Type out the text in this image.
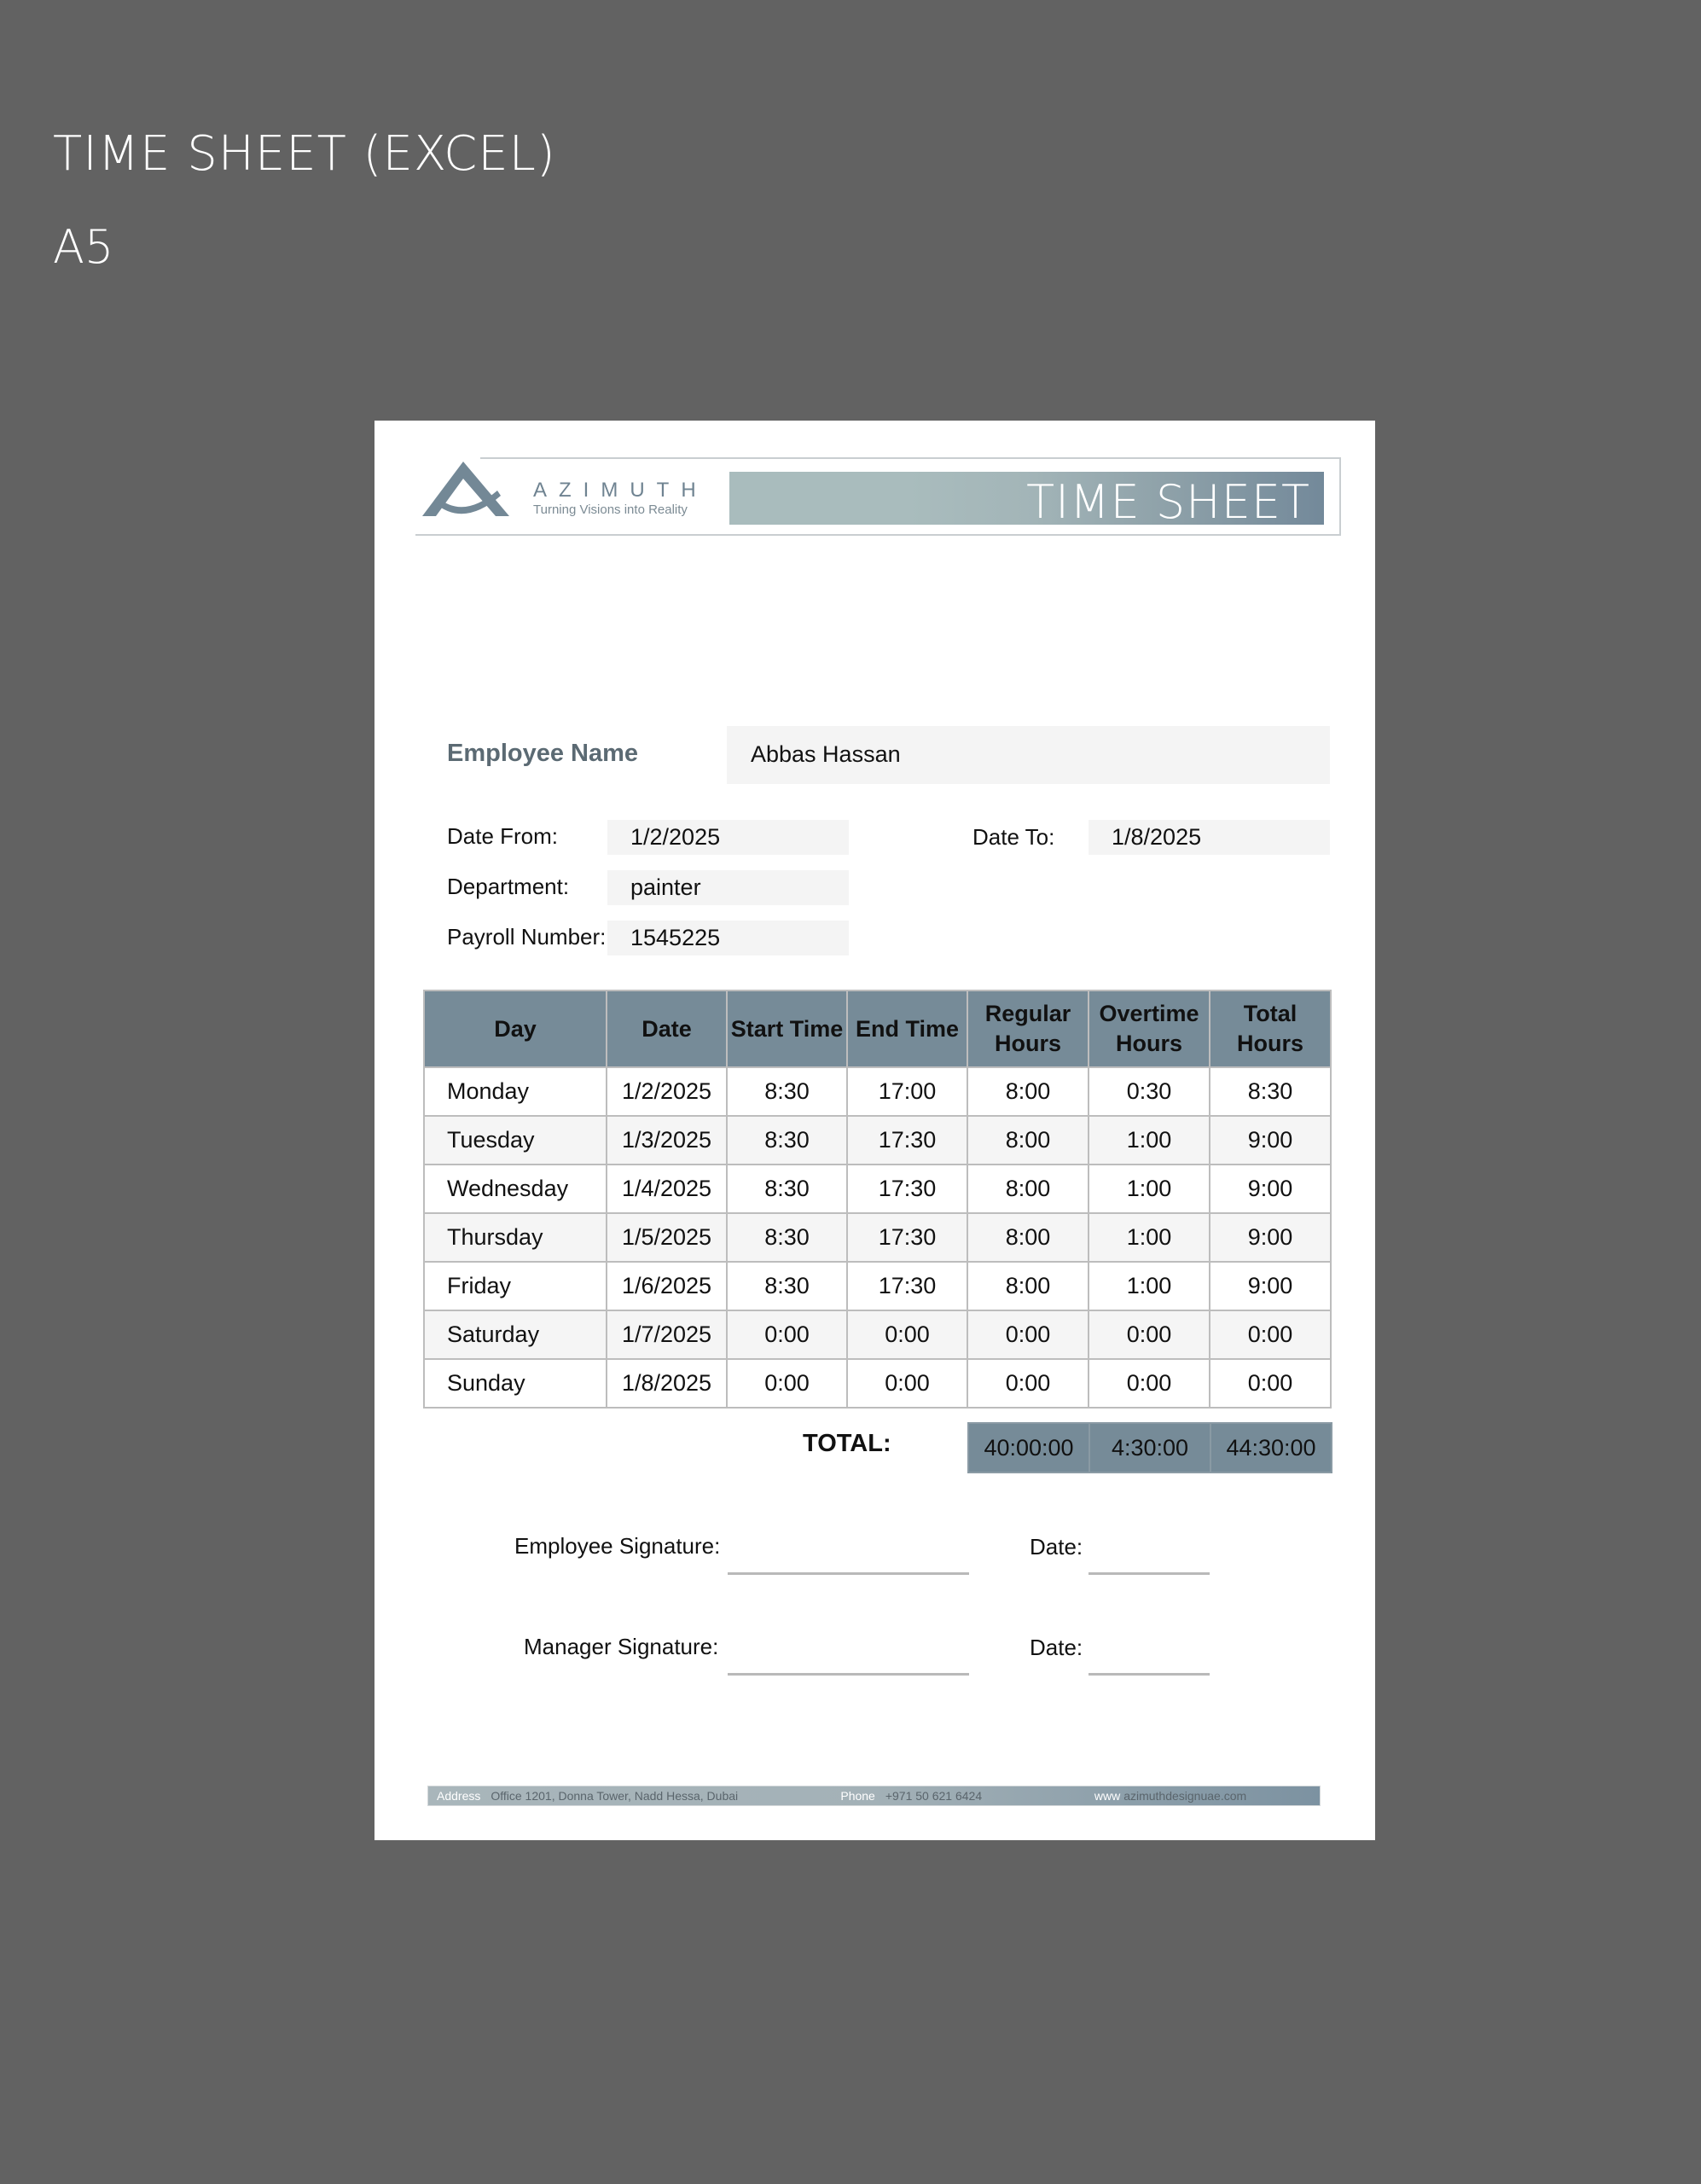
TIME SHEET (EXCEL)
A5
AZIMUTH
Turning Visions into Reality	TIME SHEET
Employee Name	Abbas Hassan
Date From:	1/2/2025	Date To: 1/8/2025
Department:	painter
Payroll Number: 1545225
Day	Date	Start Time	End Time	Regular Hours	Overtime Hours	Total Hours
Monday	1/2/2025	8:30	17:00	8:00	0:30	8:30
Tuesday	1/3/2025	8:30	17:30	8:00	1:00	9:00
Wednesday	1/4/2025	8:30	17:30	8:00	1:00	9:00
Thursday	1/5/2025	8:30	17:30	8:00	1:00	9:00
Friday	1/6/2025	8:30	17:30	8:00	1:00	9:00
Saturday	1/7/2025	0:00	0:00	0:00	0:00	0:00
Sunday	1/8/2025	0:00	0:00	0:00	0:00	0:00
TOTAL:	40:00:00	4:30:00	44:30:00
Employee Signature:	Date:
Manager Signature:	Date:
Address Office 1201, Donna Tower, Nadd Hessa, Dubai	Phone +971 50 621 6424	www azimuthdesignuae.com
